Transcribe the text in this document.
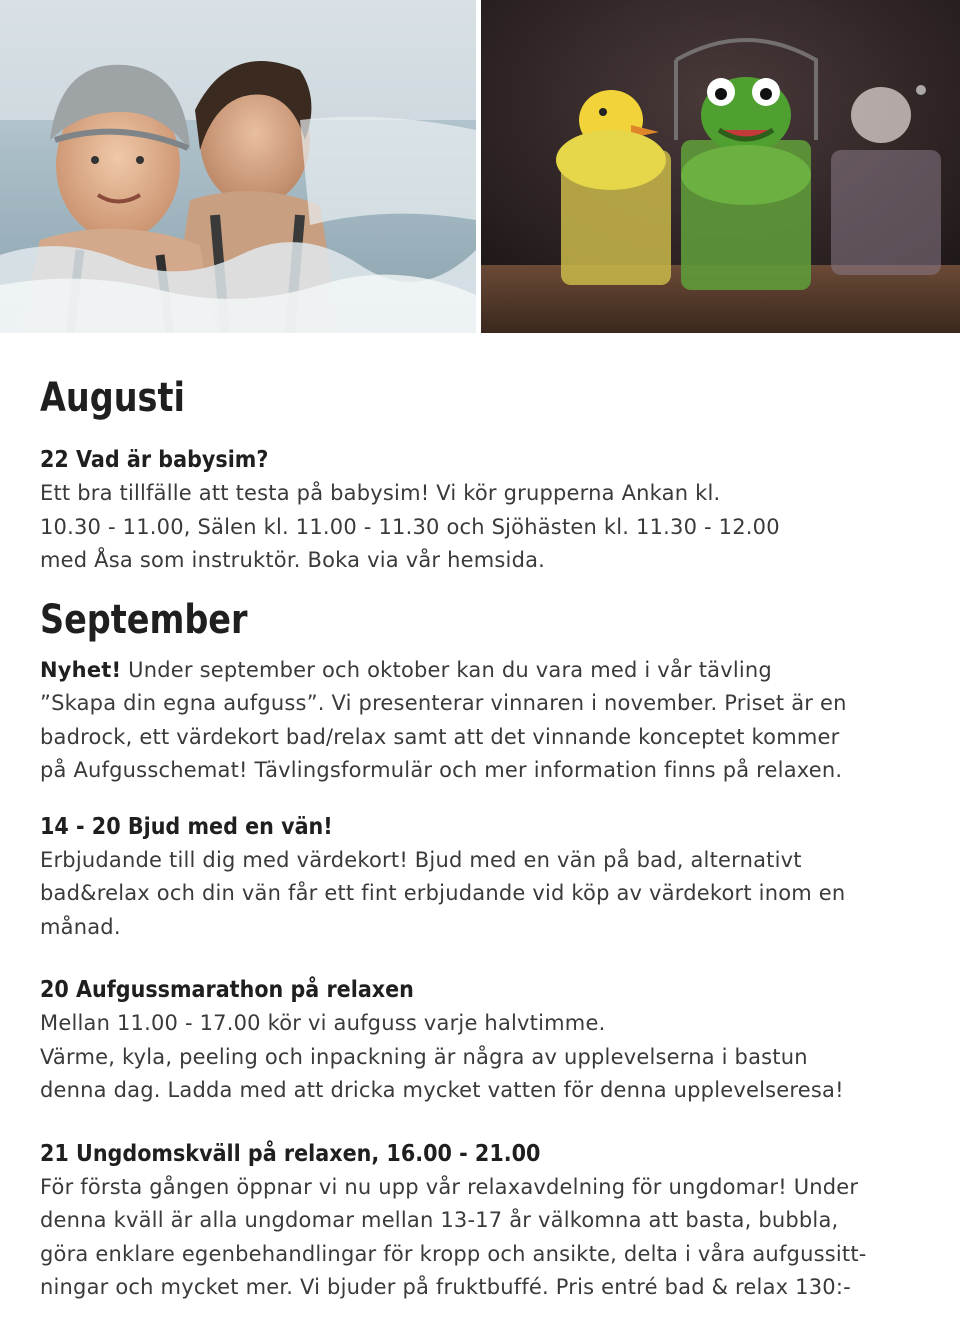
Augusti
22 Vad är babysim?

Ett bra tillfälle att testa på babysim! Vi kör grupperna Ankan kl.
10.30 - 11.00, Sälen kl. 11.00 - 11.30 och Sjöhästen kl. 11.30 - 12.00
med Åsa som instruktör. Boka via vår hemsida.

September

Nyhet! Under september och oktober kan du vara med i vår tävling
”Skapa din egna aufguss”. Vi presenterar vinnaren i november. Priset är en
badrock, ett värdekort bad/relax samt att det vinnande konceptet kommer
på Aufgusschemat! Tävlingsformulär och mer information finns på relaxen.

14 - 20 Bjud med en vän!

Erbjudande till dig med värdekort! Bjud med en vän på bad, alternativt
bad&relax och din vän får ett fint erbjudande vid köp av värdekort inom en
månad.

20 Aufgussmarathon på relaxen

Mellan 11.00 - 17.00 kör vi aufguss varje halvtimme.
Värme, kyla, peeling och inpackning är några av upplevelserna i bastun
denna dag. Ladda med att dricka mycket vatten för denna upplevelseresa!

21 Ungdomskväll på relaxen, 16.00 - 21.00

För första gången öppnar vi nu upp vår relaxavdelning för ungdomar! Under
denna kväll är alla ungdomar mellan 13-17 år välkomna att basta, bubbla,
göra enklare egenbehandlingar för kropp och ansikte, delta i våra aufgussitt-
ningar och mycket mer. Vi bjuder på fruktbuffé. Pris entré bad & relax 130:-
